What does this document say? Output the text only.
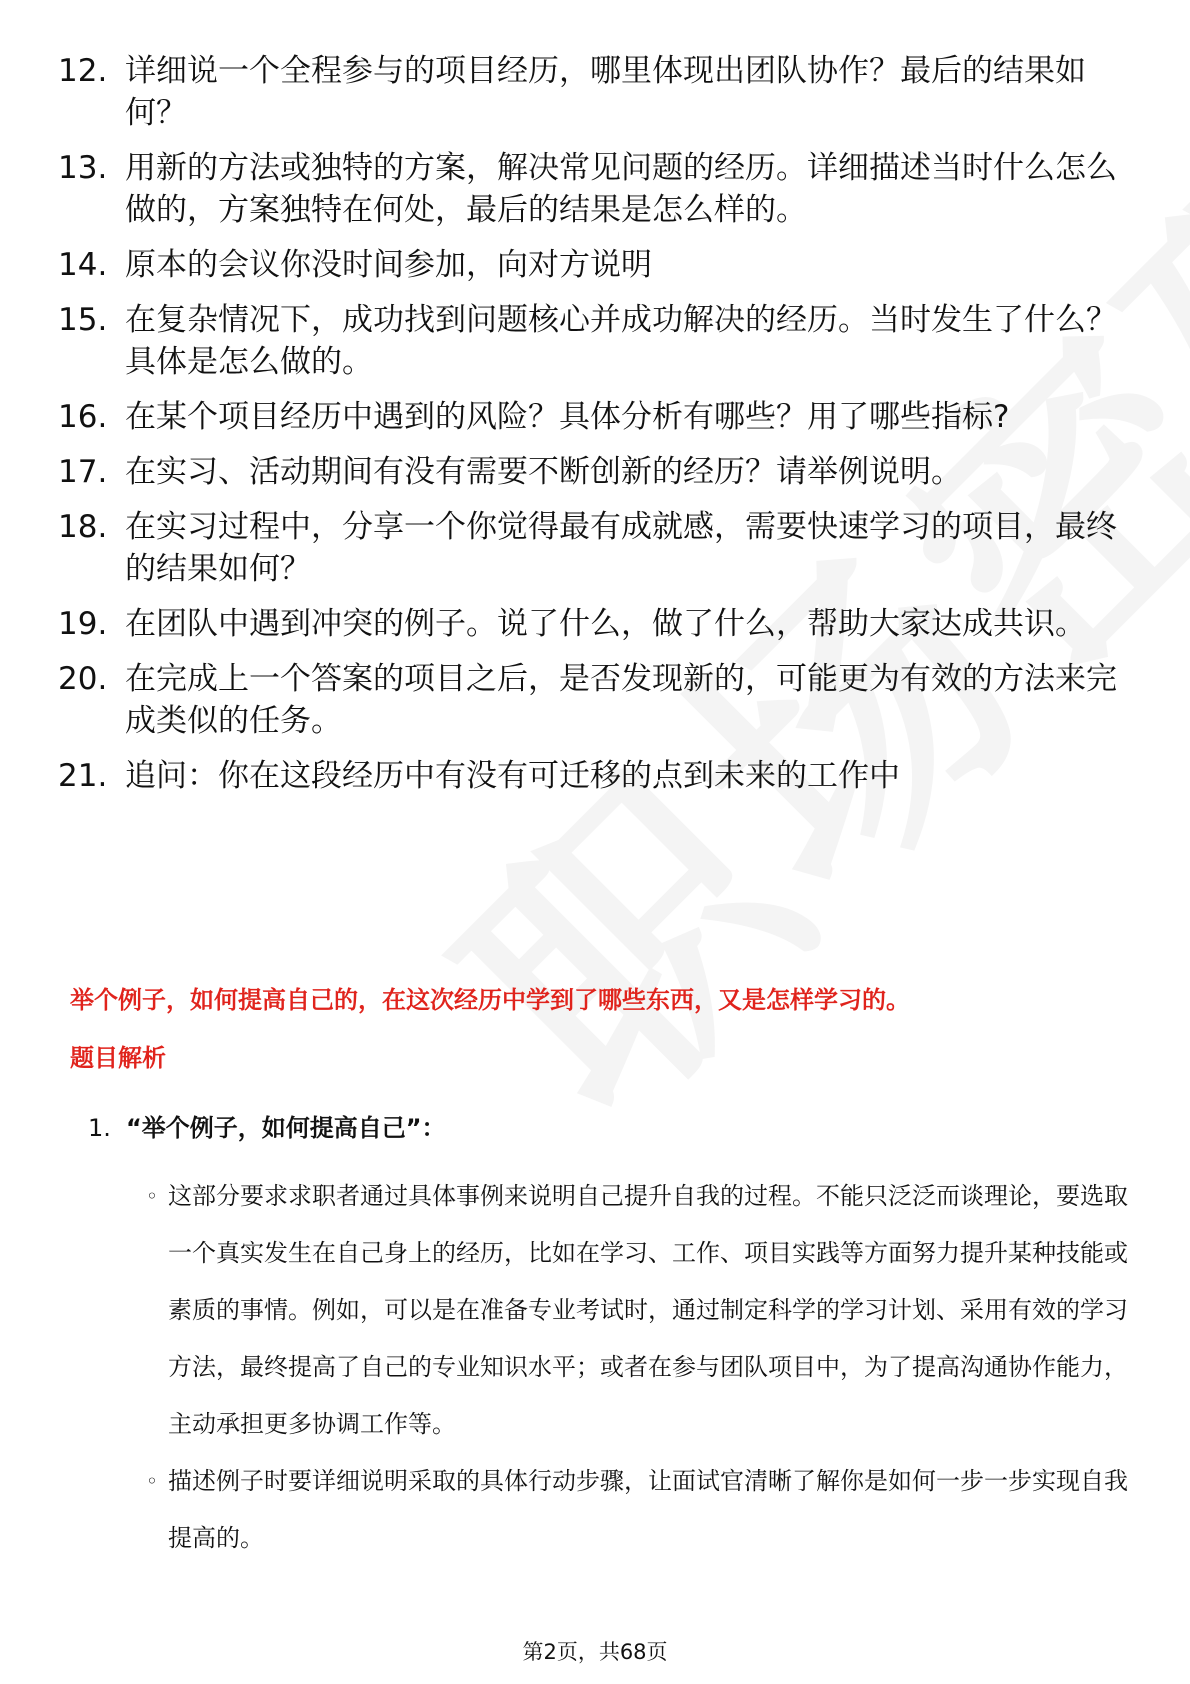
12. 详细说一个全程参与的项目经历，哪里体现出团队协作？最后的结果如何？
13. 用新的方法或独特的方案，解决常见问题的经历。详细描述当时什么怎么做的，方案独特在何处，最后的结果是怎么样的。
14. 原本的会议你没时间参加，向对方说明
15. 在复杂情况下，成功找到问题核心并成功解决的经历。当时发生了什么？具体是怎么做的。
16. 在某个项目经历中遇到的风险？具体分析有哪些？用了哪些指标?
17. 在实习、活动期间有没有需要不断创新的经历？请举例说明。
18. 在实习过程中，分享一个你觉得最有成就感，需要快速学习的项目，最终的结果如何？
19. 在团队中遇到冲突的例子。说了什么，做了什么，帮助大家达成共识。
20. 在完成上一个答案的项目之后，是否发现新的，可能更为有效的方法来完成类似的任务。
21. 追问：你在这段经历中有没有可迁移的点到未来的工作中
举个例子，如何提高自己的，在这次经历中学到了哪些东西，又是怎样学习的。
题目解析
1. “举个例子，如何提高自己”：
◦ 这部分要求求职者通过具体事例来说明自己提升自我的过程。不能只泛泛而谈理论，要选取一个真实发生在自己身上的经历，比如在学习、工作、项目实践等方面努力提升某种技能或素质的事情。例如，可以是在准备专业考试时，通过制定科学的学习计划、采用有效的学习方法，最终提高了自己的专业知识水平；或者在参与团队项目中，为了提高沟通协作能力，主动承担更多协调工作等。
◦ 描述例子时要详细说明采取的具体行动步骤，让面试官清晰了解你是如何一步一步实现自我提高的。
第2页，共68页
